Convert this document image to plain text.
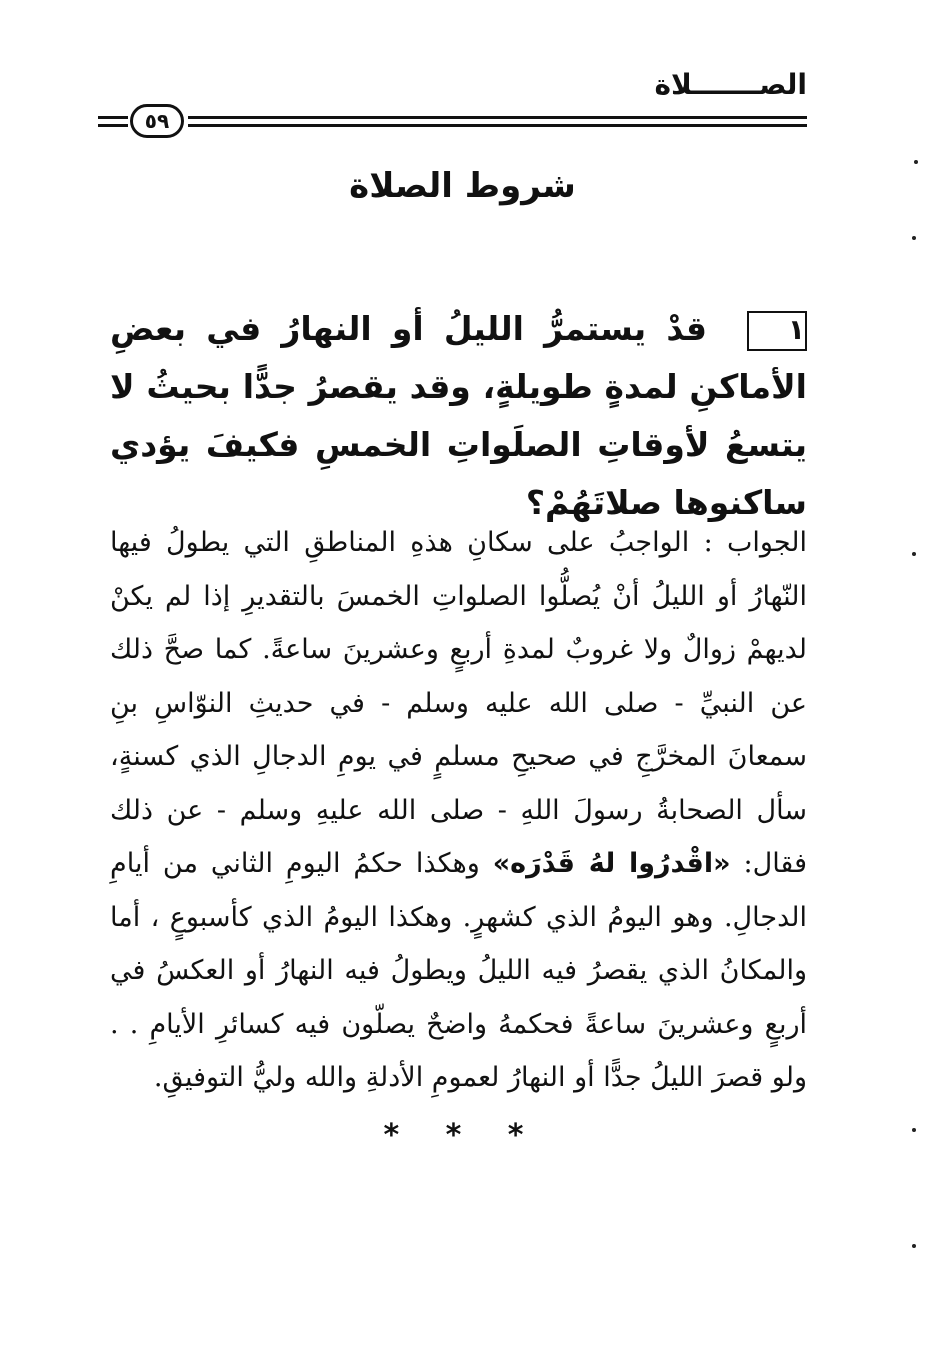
الصـــــــلاة
٥٩
شروط الصلاة
١قدْ يستمرُّ الليلُ أو النهارُ في بعضِ الأماكنِ لمدةٍ طويلةٍ، وقد يقصرُ جدًّا بحيثُ لا يتسعُ لأوقاتِ الصلَواتِ الخمسِ فكيفَ يؤدي ساكنوها صلاتَهُمْ؟
الجواب : الواجبُ على سكانِ هذهِ المناطقِ التي يطولُ فيها النّهارُ أو الليلُ أنْ يُصلُّوا الصلواتِ الخمسَ بالتقديرِ إذا لم يكنْ لديهمْ زوالٌ ولا غروبٌ لمدةِ أربعٍ وعشرينَ ساعةً. كما صحَّ ذلك عن النبيِّ - صلى الله عليه وسلم - في حديثِ النوّاسِ بنِ سمعانَ المخرَّجِ في صحيحِ مسلمٍ في يومِ الدجالِ الذي كسنةٍ، سأل الصحابةُ رسولَ اللهِ - صلى الله عليهِ وسلم - عن ذلك فقال: «اقْدرُوا لهُ قَدْرَه» وهكذا حكمُ اليومِ الثاني من أيامِ الدجالِ. وهو اليومُ الذي كشهرٍ. وهكذا اليومُ الذي كأسبوعٍ ، أما والمكانُ الذي يقصرُ فيه الليلُ ويطولُ فيه النهارُ أو العكسُ في أربعٍ وعشرينَ ساعةً فحكمهُ واضحٌ يصلّون فيه كسائرِ الأيامِ . . ولو قصرَ الليلُ جدًّا أو النهارُ لعمومِ الأدلةِ والله وليُّ التوفيقِ.
* * *
